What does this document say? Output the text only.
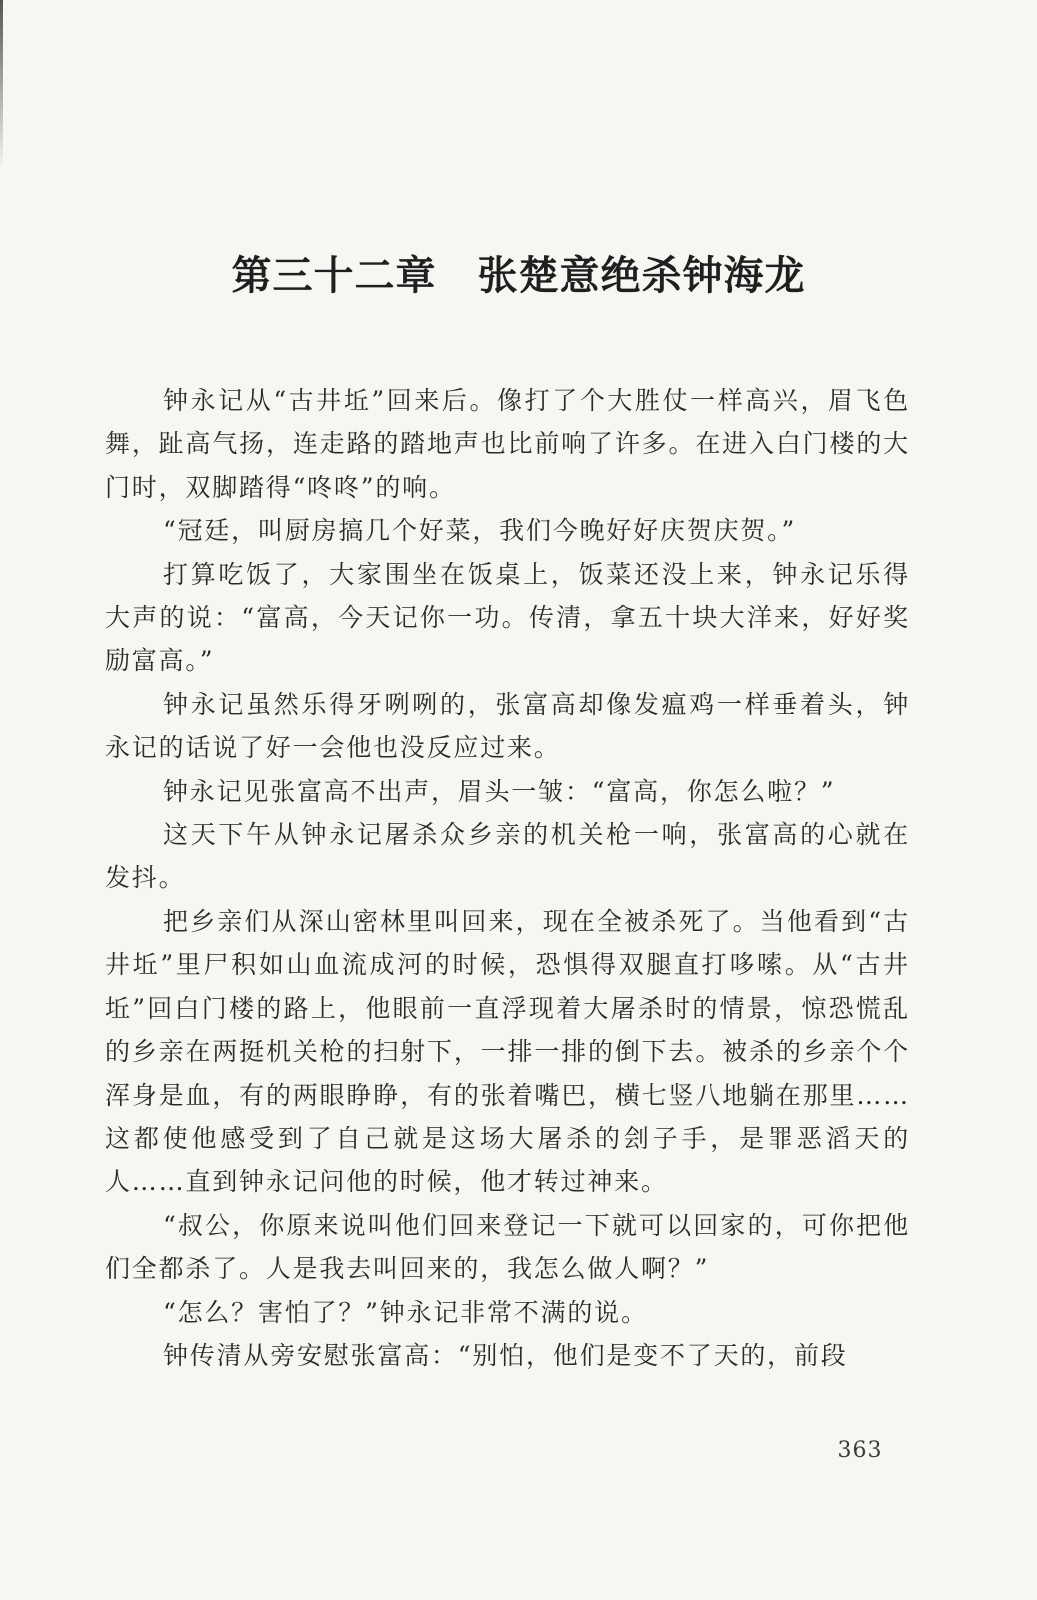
第三十二章　张楚意绝杀钟海龙

钟永记从“古井坵”回来后。像打了个大胜仗一样高兴，眉飞色舞，趾高气扬，连走路的踏地声也比前响了许多。在进入白门楼的大门时，双脚踏得“咚咚”的响。

“冠廷，叫厨房搞几个好菜，我们今晚好好庆贺庆贺。”

打算吃饭了，大家围坐在饭桌上，饭菜还没上来，钟永记乐得大声的说：“富高，今天记你一功。传清，拿五十块大洋来，好好奖励富高。”

钟永记虽然乐得牙咧咧的，张富高却像发瘟鸡一样垂着头，钟永记的话说了好一会他也没反应过来。

钟永记见张富高不出声，眉头一皱：“富高，你怎么啦？”

这天下午从钟永记屠杀众乡亲的机关枪一响，张富高的心就在发抖。

把乡亲们从深山密林里叫回来，现在全被杀死了。当他看到“古井坵”里尸积如山血流成河的时候，恐惧得双腿直打哆嗦。从“古井坵”回白门楼的路上，他眼前一直浮现着大屠杀时的情景，惊恐慌乱的乡亲在两挺机关枪的扫射下，一排一排的倒下去。被杀的乡亲个个浑身是血，有的两眼睁睁，有的张着嘴巴，横七竖八地躺在那里……这都使他感受到了自己就是这场大屠杀的刽子手，是罪恶滔天的人……直到钟永记问他的时候，他才转过神来。

“叔公，你原来说叫他们回来登记一下就可以回家的，可你把他们全都杀了。人是我去叫回来的，我怎么做人啊？”

“怎么？害怕了？”钟永记非常不满的说。

钟传清从旁安慰张富高：“别怕，他们是变不了天的，前段

363
